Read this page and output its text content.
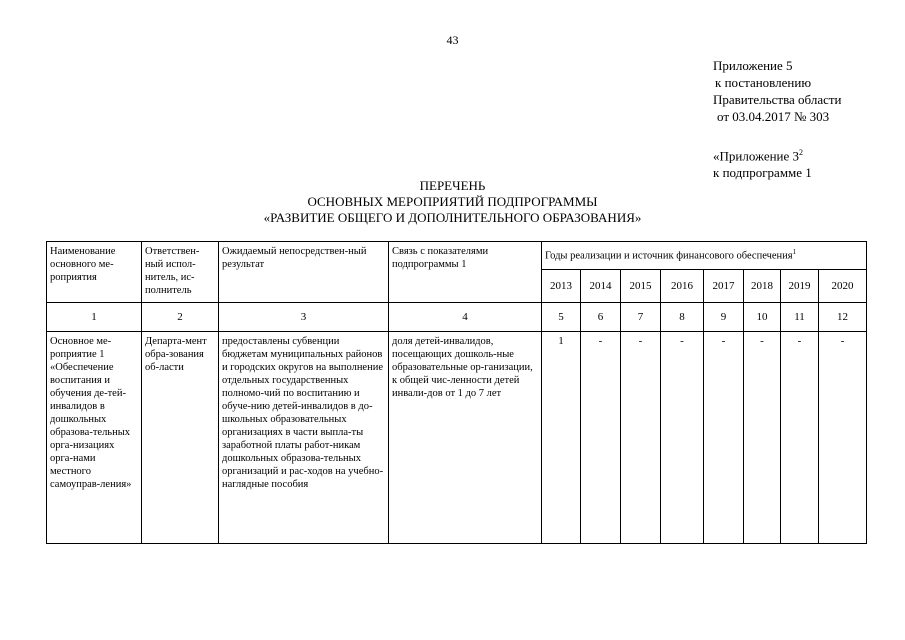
43
Приложение 5
к постановлению
Правительства области
от 03.04.2017 № 303
«Приложение $3^2$
к подпрограмме 1
ПЕРЕЧЕНЬ
ОСНОВНЫХ МЕРОПРИЯТИЙ ПОДПРОГРАММЫ
«РАЗВИТИЕ ОБЩЕГО И ДОПОЛНИТЕЛЬНОГО ОБРАЗОВАНИЯ»
Наименование основного ме-роприятия	Ответствен-ный испол-нитель, ис-полнитель	Ожидаемый непосредствен-ный результат	Связь с показателями подпрограммы 1	Годы реализации и источник финансового обеспечения$^1$
				2013	2014	2015	2016	2017	2018	2019	2020
1	2	3	4	5	6	7	8	9	10	11	12
Основное ме-роприятие 1 «Обеспечение воспитания и обучения де-тей-инвалидов в дошкольных образова-тельных орга-низациях орга-нами местного самоуправ-ления»	Департа-мент обра-зования об-ласти	предоставлены субвенции бюджетам муниципальных районов и городских округов на выполнение отдельных государственных полномо-чий по воспитанию и обуче-нию детей-инвалидов в до-школьных образовательных организациях в части выпла-ты заработной платы работ-никам дошкольных образова-тельных организаций и рас-ходов на учебно-наглядные пособия	доля детей-инвалидов, посещающих дошколь-ные образовательные ор-ганизации, к общей чис-ленности детей инвали-дов от 1 до 7 лет	1	-	-	-	-	-	-	-
